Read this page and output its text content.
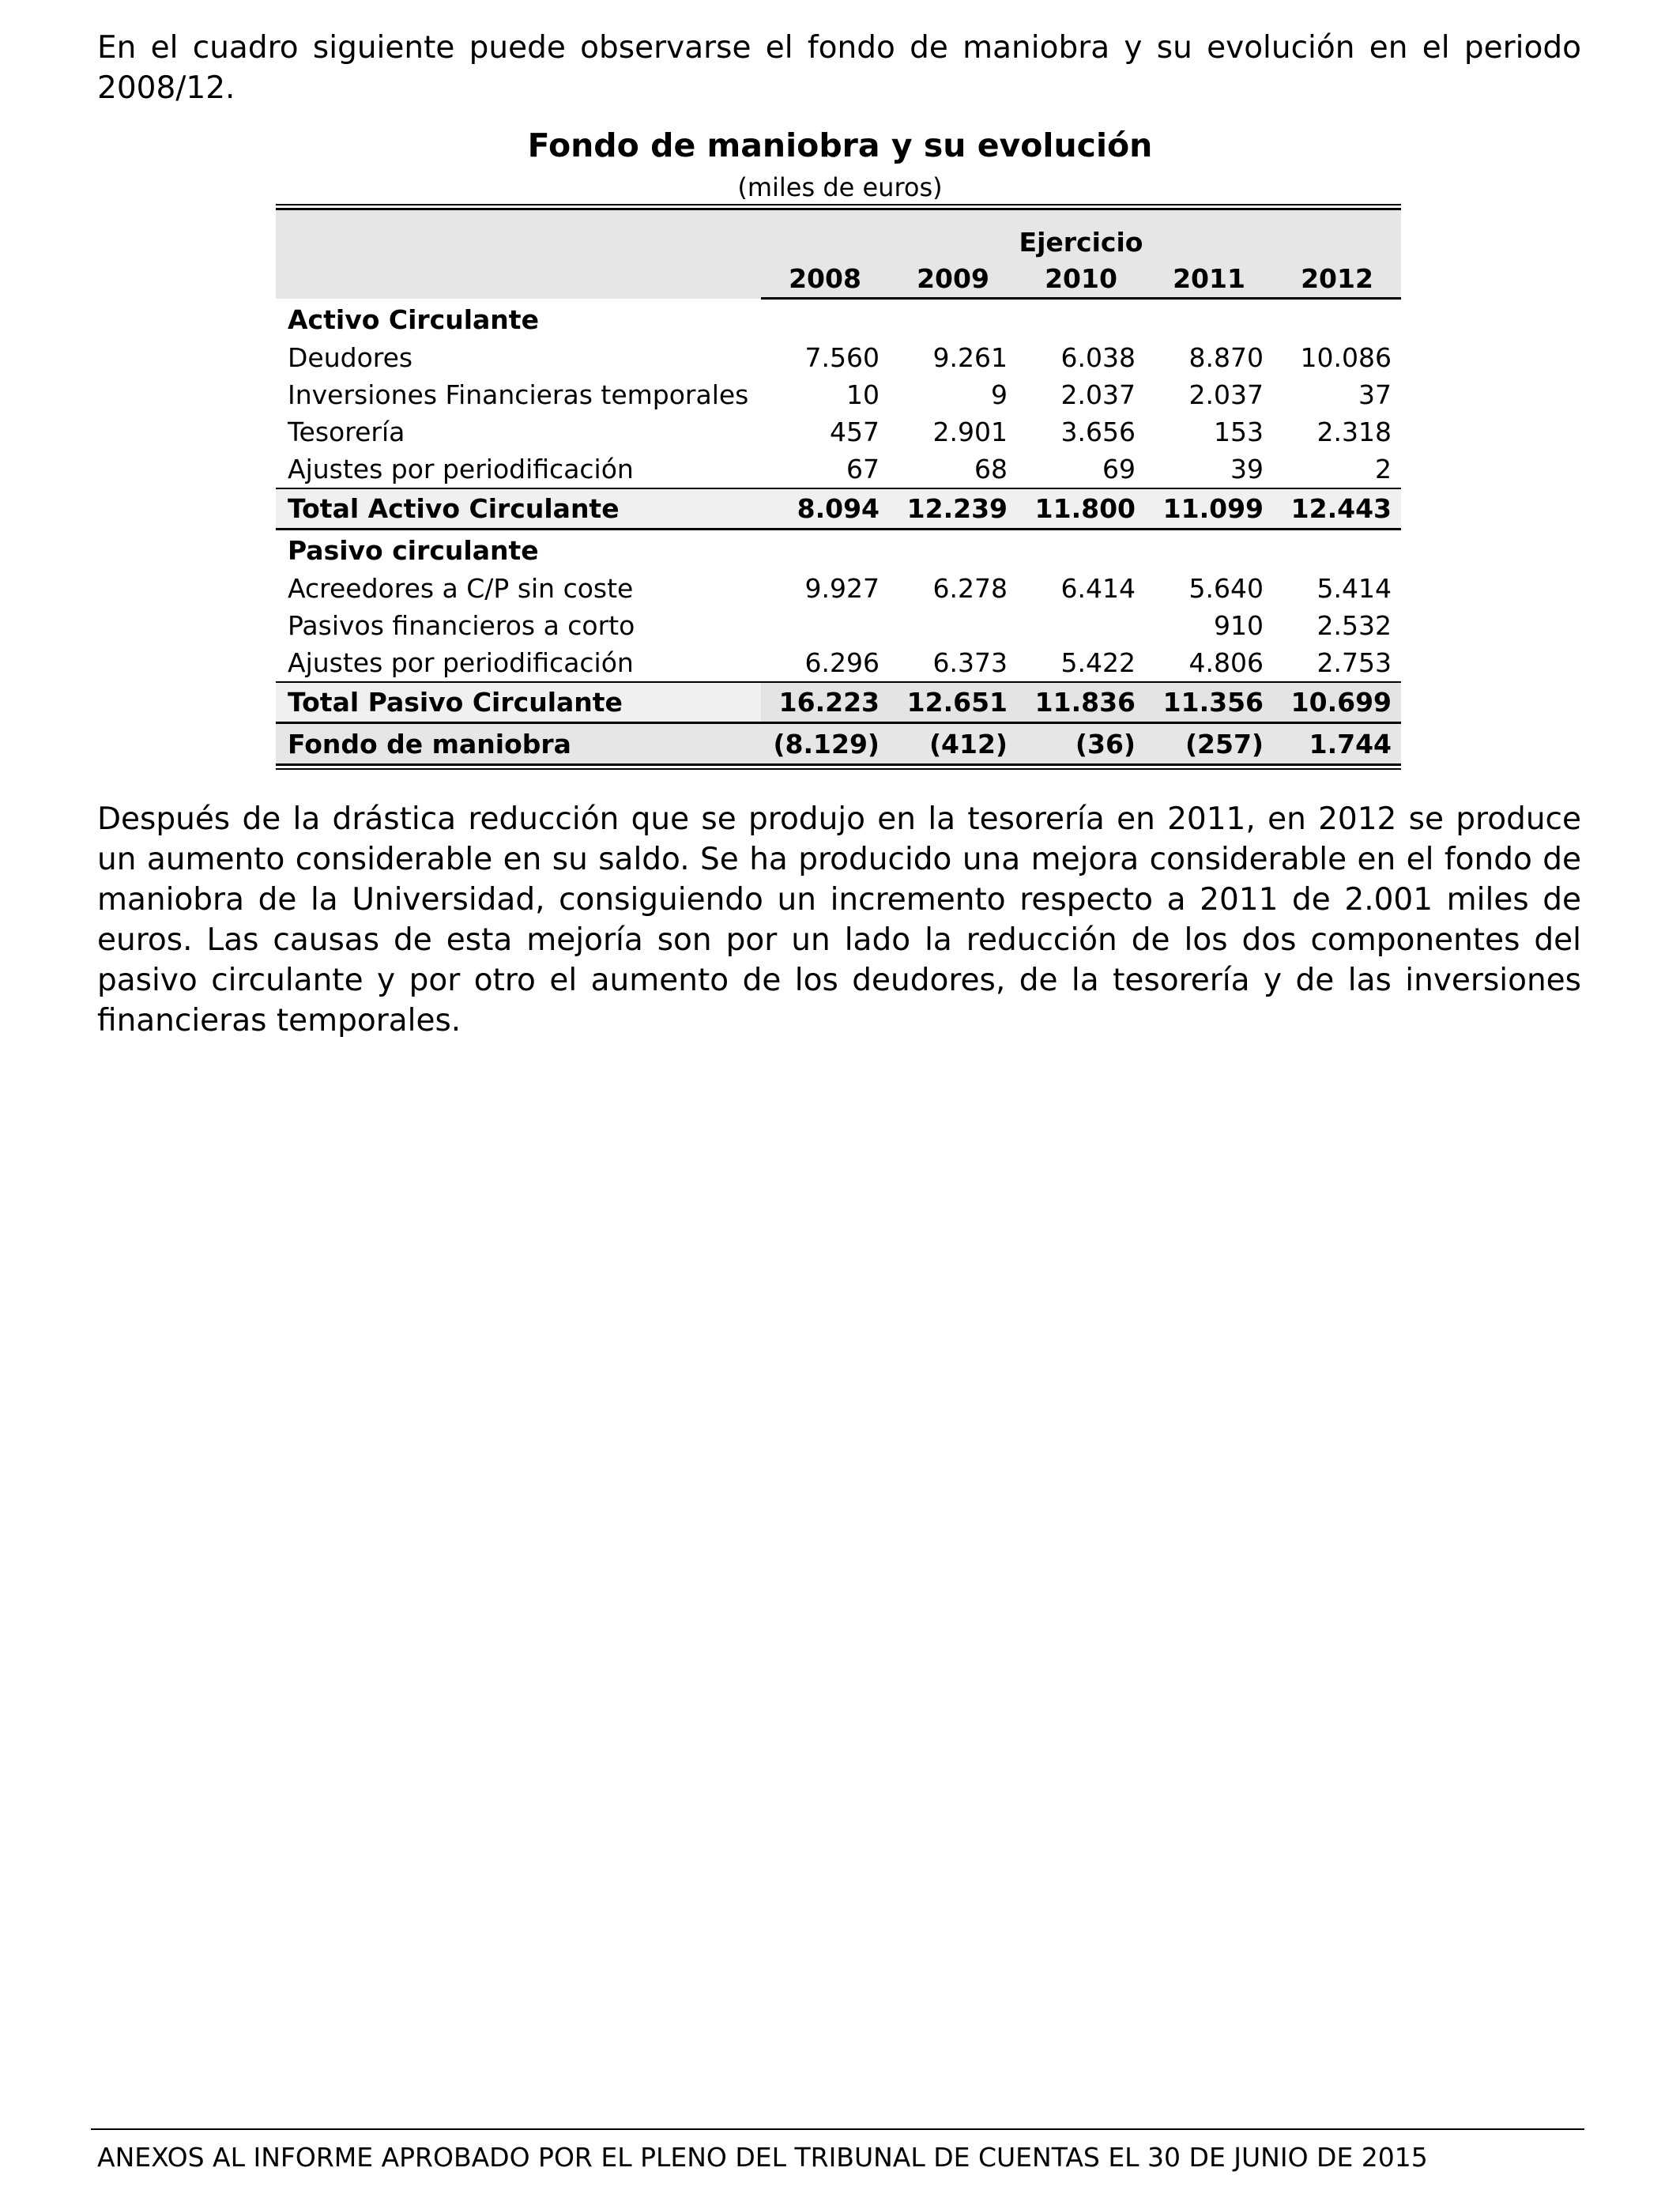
En el cuadro siguiente puede observarse el fondo de maniobra y su evolución en el periodo 2008/12.

Fondo de maniobra y su evolución

(miles de euros)

	Ejercicio				
	2008	2009	2010	2011	2012
Activo Circulante					
Deudores	7.560	9.261	6.038	8.870	10.086
Inversiones Financieras temporales	10	9	2.037	2.037	37
Tesorería	457	2.901	3.656	153	2.318
Ajustes por periodificación	67	68	69	39	2
Total Activo Circulante	8.094	12.239	11.800	11.099	12.443
Pasivo circulante					
Acreedores a C/P sin coste	9.927	6.278	6.414	5.640	5.414
Pasivos financieros a corto				910	2.532
Ajustes por periodificación	6.296	6.373	5.422	4.806	2.753
Total Pasivo Circulante	16.223	12.651	11.836	11.356	10.699
Fondo de maniobra	(8.129)	(412)	(36)	(257)	1.744

Después de la drástica reducción que se produjo en la tesorería en 2011, en 2012 se produce un aumento considerable en su saldo. Se ha producido una mejora considerable en el fondo de maniobra de la Universidad, consiguiendo un incremento respecto a 2011 de 2.001 miles de euros. Las causas de esta mejoría son por un lado la reducción de los dos componentes del pasivo circulante y por otro el aumento de los deudores, de la tesorería y de las inversiones financieras temporales.

ANEXOS AL INFORME APROBADO POR EL PLENO DEL TRIBUNAL DE CUENTAS EL 30 DE JUNIO DE 2015
